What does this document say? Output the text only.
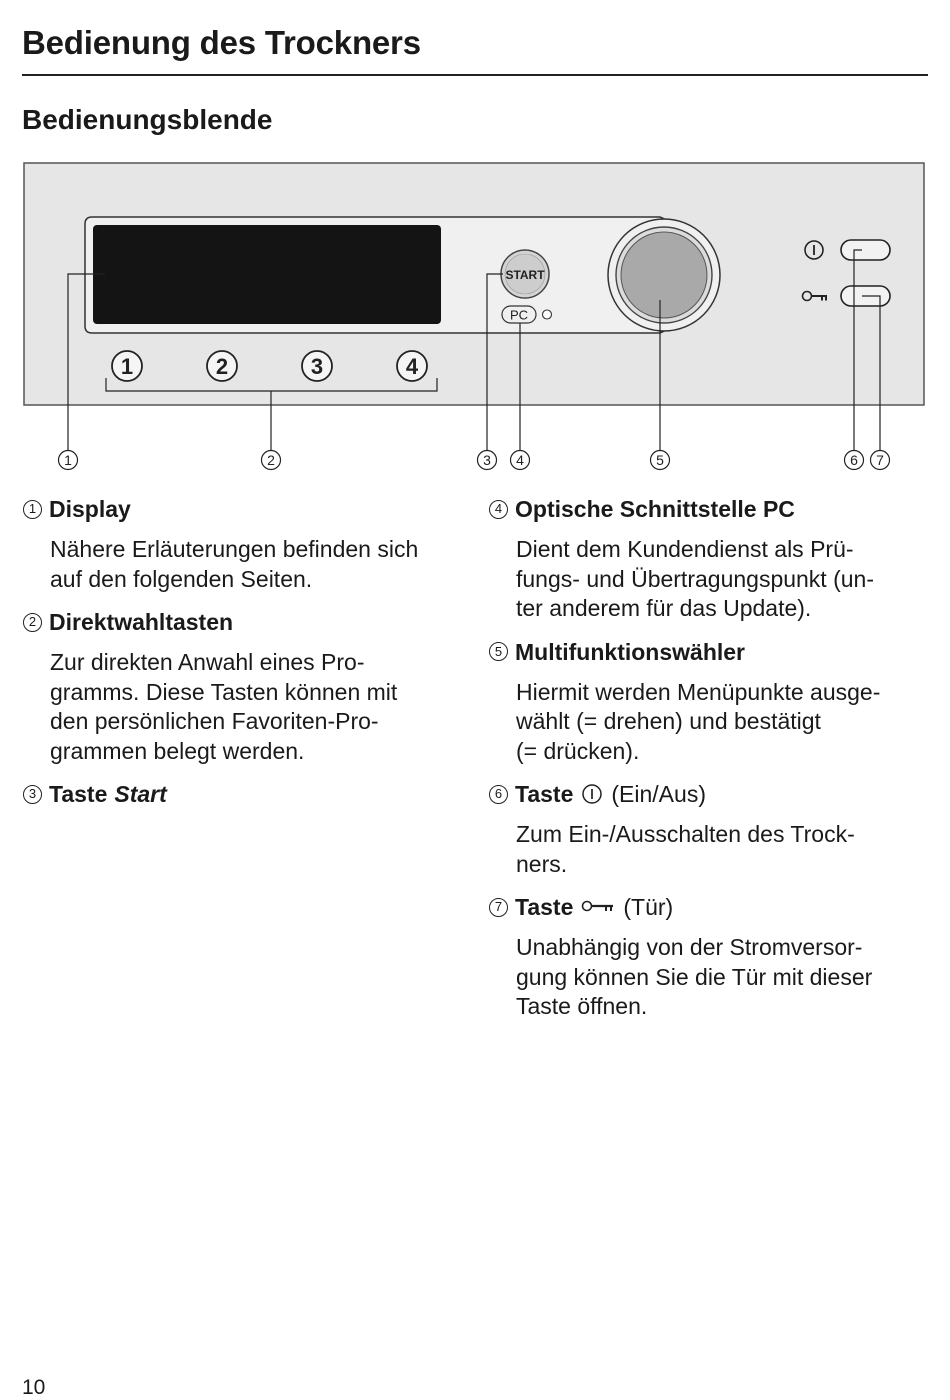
Bedienung des Trockners
Bedienungsblende
START
PC
1	2	3	4
1	2	3 4	5	6 7
1 Display

Nähere Erläuterungen befinden sich
auf den folgenden Seiten.

2 Direktwahltasten

Zur direkten Anwahl eines Pro-
gramms. Diese Tasten können mit
den persönlichen Favoriten-Pro-
grammen belegt werden.

3 Taste Start
4 Optische Schnittstelle PC

Dient dem Kundendienst als Prü-
fungs- und Übertragungspunkt (un-
ter anderem für das Update).

5 Multifunktionswähler

Hiermit werden Menüpunkte ausge-
wählt (= drehen) und bestätigt
(= drücken).

6 Taste (Ein/Aus)

Zum Ein-/Ausschalten des Trock-
ners.

7 Taste (Tür)

Unabhängig von der Stromversor-
gung können Sie die Tür mit dieser
Taste öffnen.

10
